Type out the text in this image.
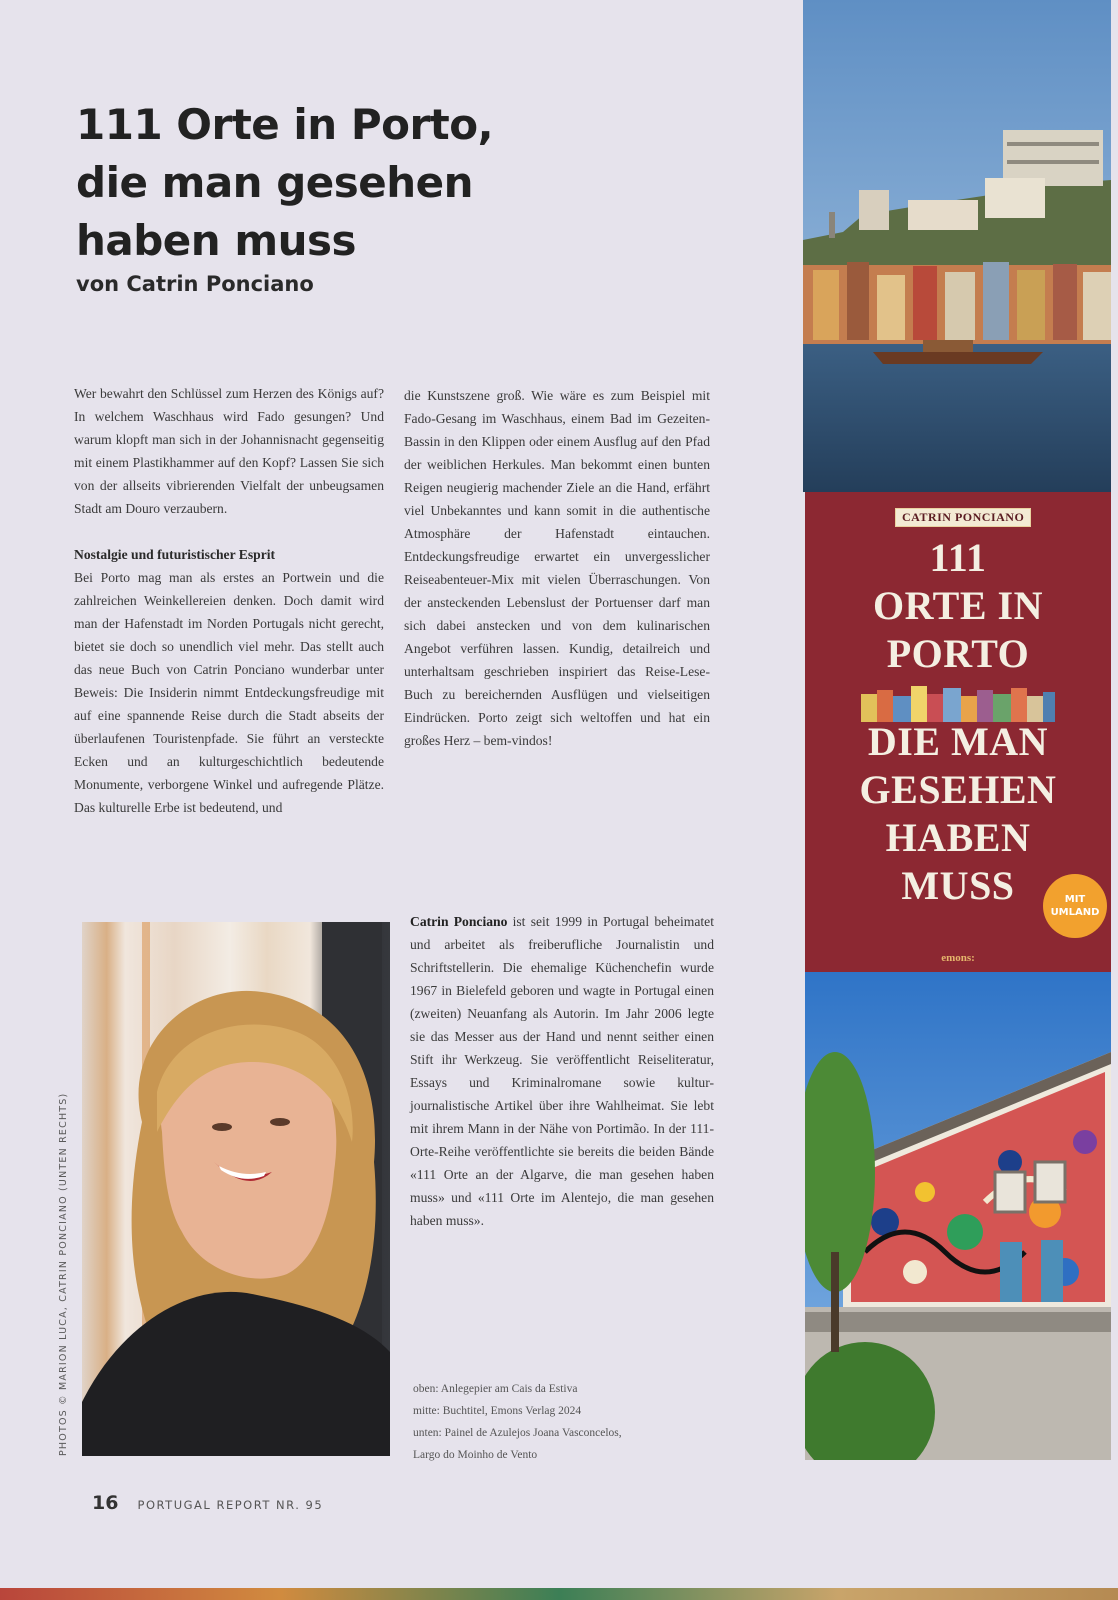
111 Orte in Porto,
die man gesehen
haben muss
von Catrin Ponciano

Wer bewahrt den Schlüssel zum Herzen des Königs auf? In welchem Waschhaus wird Fado gesungen? Und warum klopft man sich in der Johannisnacht gegenseitig mit einem Plastikhammer auf den Kopf? Lassen Sie sich von der allseits vibrierenden Vielfalt der unbeugsamen Stadt am Douro verzaubern.

Nostalgie und futuristischer Esprit

Bei Porto mag man als erstes an Portwein und die zahlreichen Weinkellereien denken. Doch damit wird man der Hafenstadt im Norden Portugals nicht gerecht, bietet sie doch so unendlich viel mehr. Das stellt auch das neue Buch von Catrin Ponciano wunderbar unter Beweis: Die Insiderin nimmt Entdeckungsfreudige mit auf eine spannende Reise durch die Stadt abseits der überlaufenen Touristenpfade. Sie führt an versteckte Ecken und an kulturgeschichtlich bedeutende Monumente, verborgene Winkel und aufregende Plätze. Das kulturelle Erbe ist bedeutend, und

die Kunstszene groß. Wie wäre es zum Beispiel mit Fado-Gesang im Waschhaus, einem Bad im Gezeiten-Bassin in den Klippen oder einem Ausflug auf den Pfad der weiblichen Herkules. Man bekommt einen bunten Reigen neugierig machender Ziele an die Hand, erfährt viel Unbekanntes und kann somit in die authentische Atmosphäre der Hafenstadt eintauchen. Entdeckungsfreudige erwartet ein unvergesslicher Reiseabenteuer-Mix mit vielen Überraschungen. Von der ansteckenden Lebenslust der Portuenser darf man sich dabei anstecken und von dem kulinarischen Angebot verführen lassen. Kundig, detailreich und unterhaltsam geschrieben inspiriert das Reise-Lese-Buch zu bereichernden Ausflügen und vielseitigen Eindrücken. Porto zeigt sich weltoffen und hat ein großes Herz – bem-vindos!

PHOTOS © MARION LUCA, CATRIN PONCIANO (UNTEN RECHTS)

Catrin Ponciano ist seit 1999 in Portugal beheimatet und arbeitet als freiberufliche Journalistin und Schriftstellerin. Die ehemalige Küchenchefin wurde 1967 in Bielefeld geboren und wagte in Portugal einen (zweiten) Neuanfang als Autorin. Im Jahr 2006 legte sie das Messer aus der Hand und nennt seither einen Stift ihr Werkzeug. Sie veröffentlicht Reiseliteratur, Essays und Kriminalromane sowie kultur-journalistische Artikel über ihre Wahlheimat. Sie lebt mit ihrem Mann in der Nähe von Portimão. In der 111-Orte-Reihe veröffentlichte sie bereits die beiden Bände «111 Orte an der Algarve, die man gesehen haben muss» und «111 Orte im Alentejo, die man gesehen haben muss».

oben: Anlegepier am Cais da Estiva
mitte: Buchtitel, Emons Verlag 2024
unten: Painel de Azulejos Joana Vasconcelos,
Largo do Moinho de Vento
16 PORTUGAL REPORT NR. 95
CATRIN PONCIANO
111
ORTE IN
PORTO
DIE MAN
GESEHEN
HABEN
MUSS	MIT
UMLAND
emons:
